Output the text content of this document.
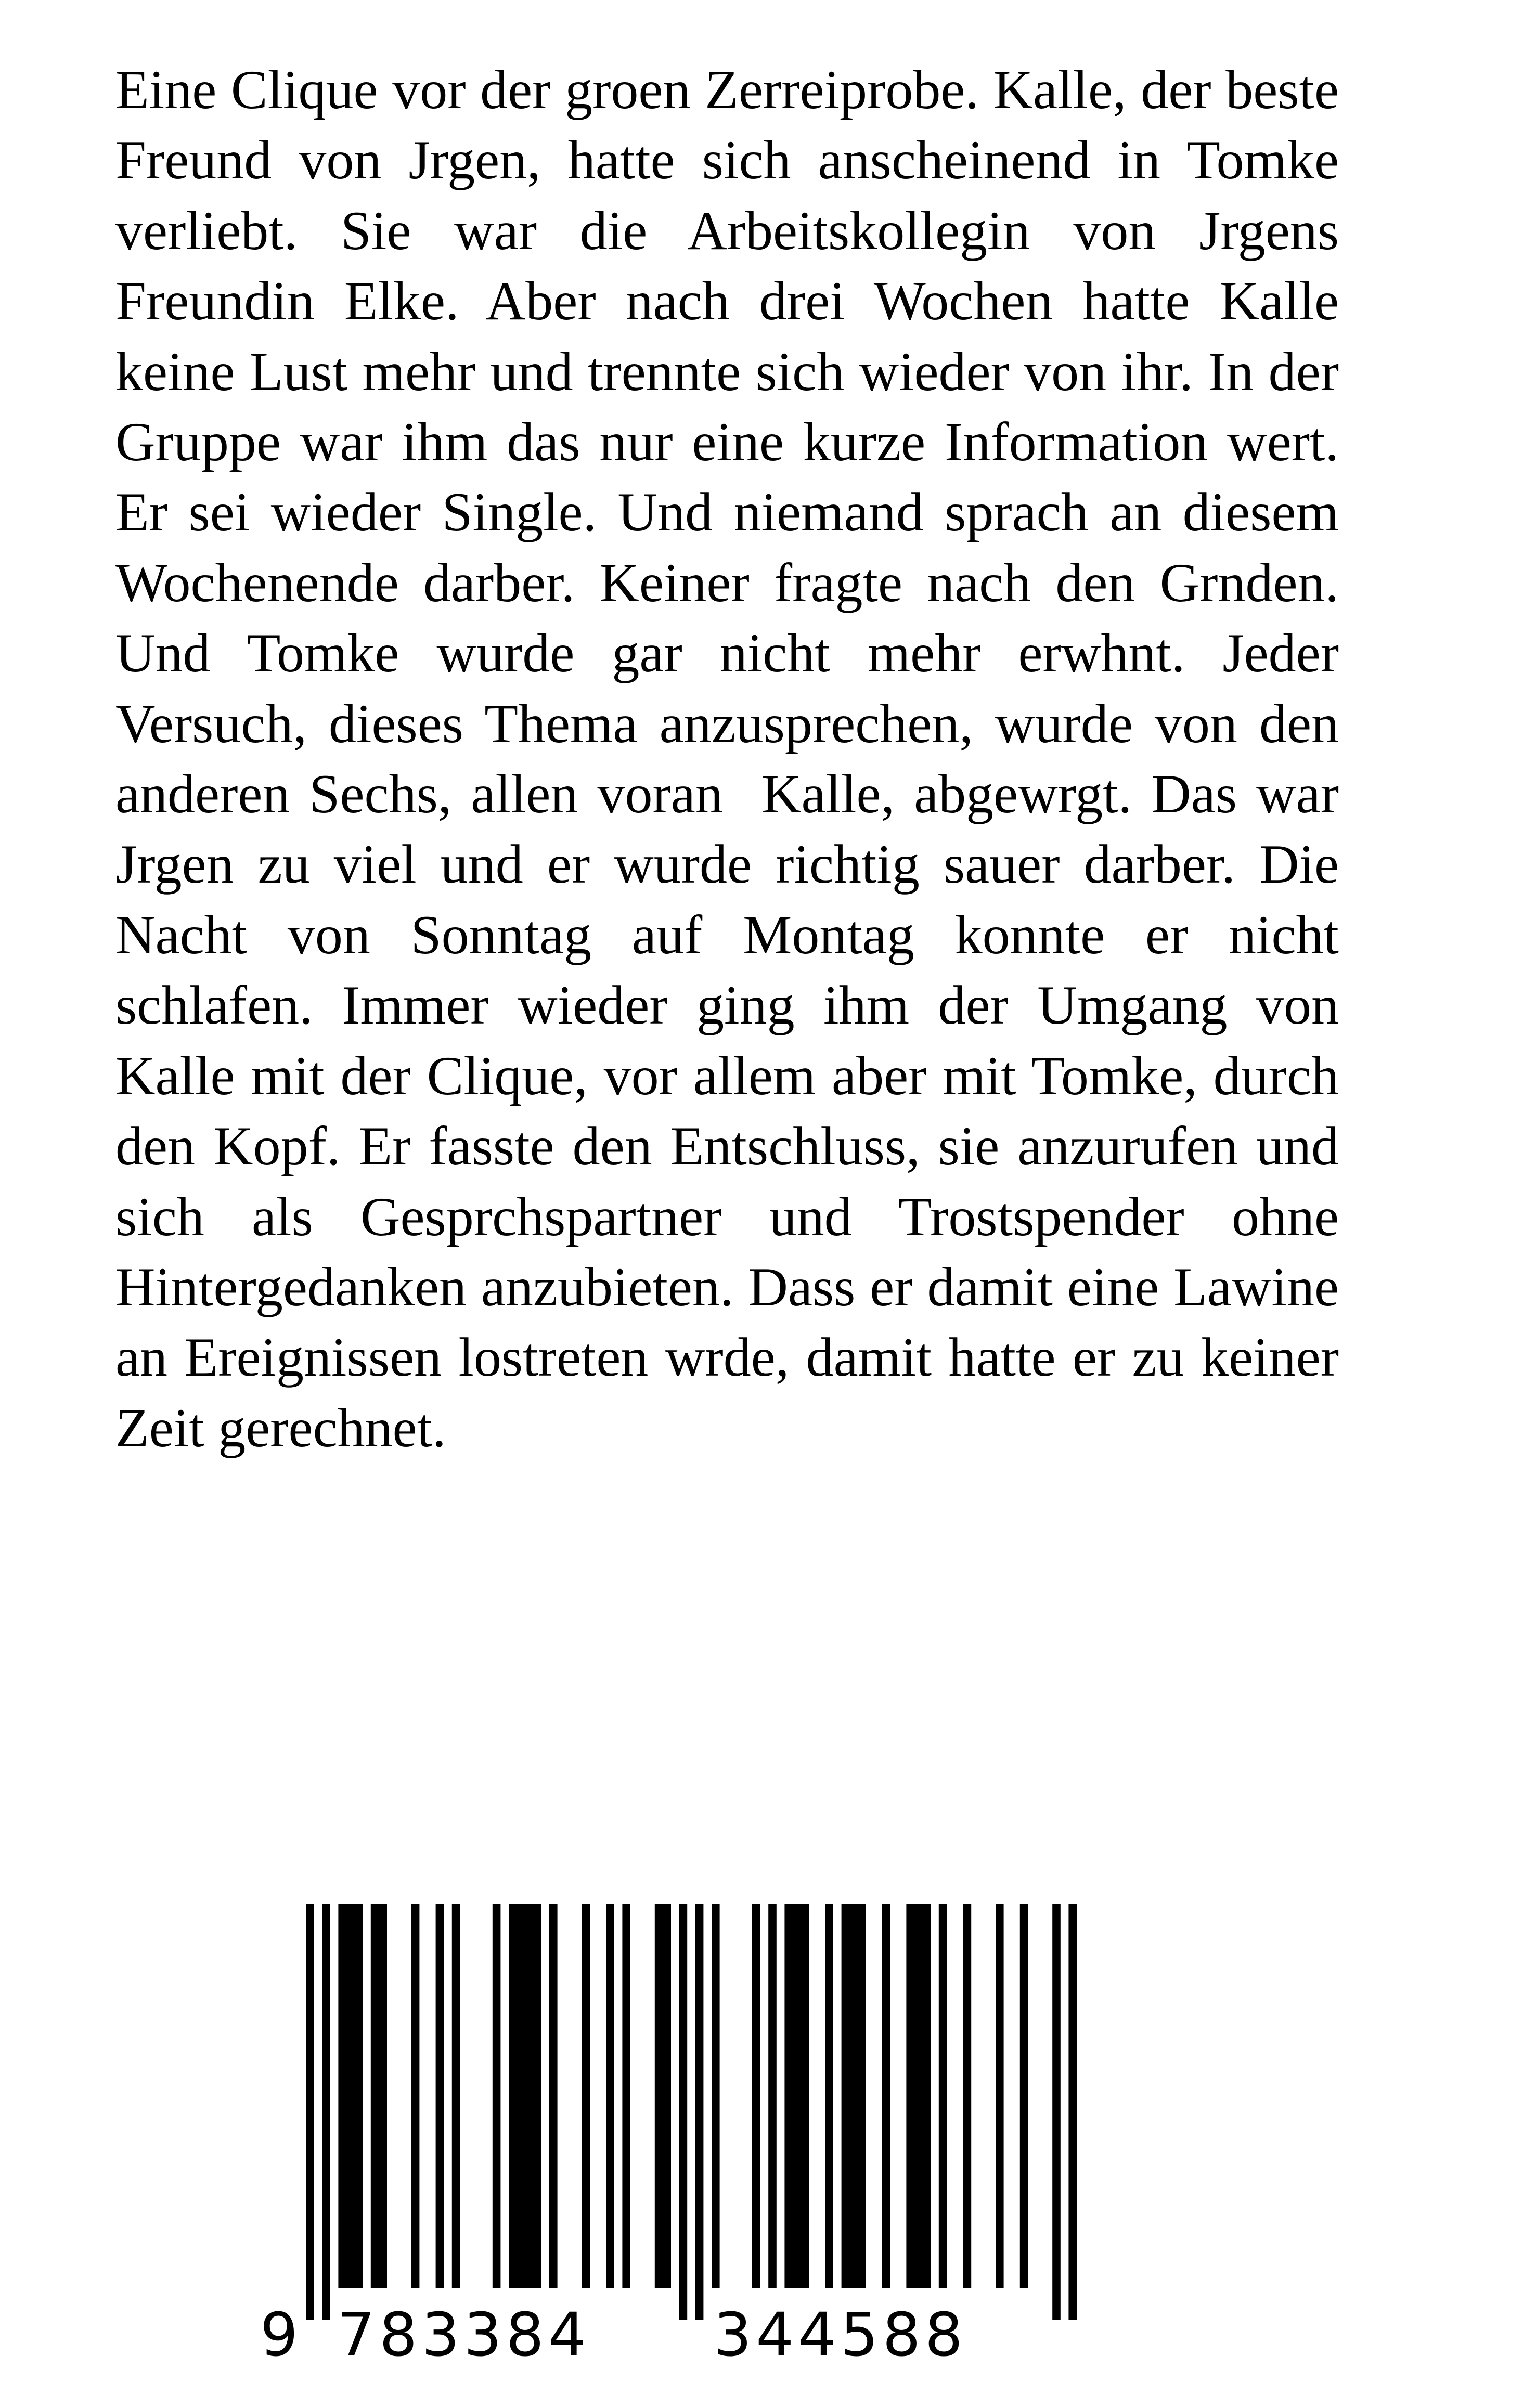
Eine Clique vor der groen Zerreiprobe. Kalle, der beste Freund von Jrgen, hatte sich anscheinend in Tomke verliebt. Sie war die Arbeitskollegin von Jrgens Freundin Elke. Aber nach drei Wochen hatte Kalle keine Lust mehr und trennte sich wieder von ihr. In der Gruppe war ihm das nur eine kurze Information wert. Er sei wieder Single. Und niemand sprach an diesem Wochenende darber. Keiner fragte nach den Grnden. Und Tomke wurde gar nicht mehr erwhnt. Jeder Versuch, dieses Thema anzusprechen, wurde von den anderen Sechs, allen voran  Kalle, abgewrgt. Das war Jrgen zu viel und er wurde richtig sauer darber. Die Nacht von Sonntag auf Montag konnte er nicht schlafen. Immer wieder ging ihm der Umgang von Kalle mit der Clique, vor allem aber mit Tomke, durch den Kopf. Er fasste den Entschluss, sie anzurufen und sich als Gesprchspartner und Trostspender ohne Hintergedanken anzubieten. Dass er damit eine Lawine an Ereignissen lostreten wrde, damit hatte er zu keiner Zeit gerechnet.

9 783384 344588
